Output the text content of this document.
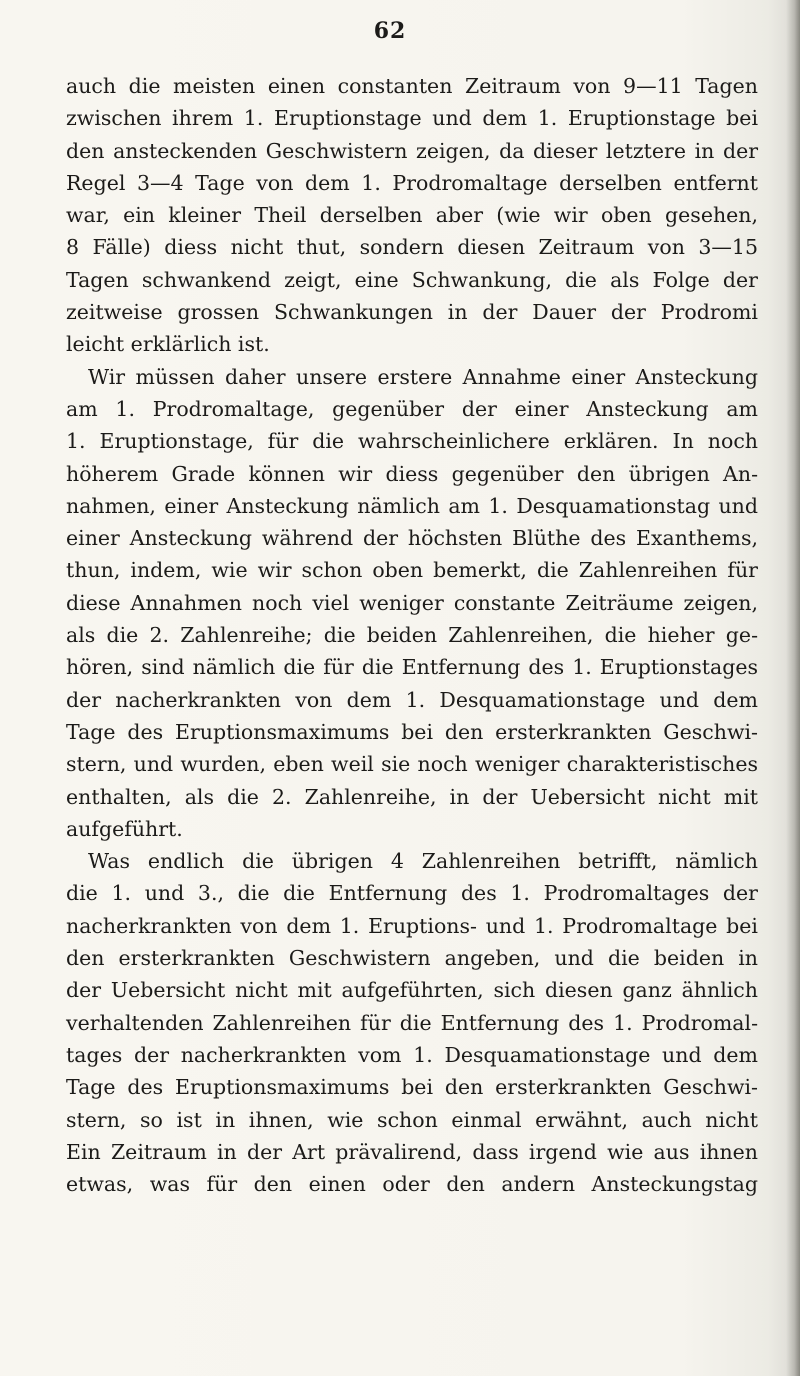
62
auch die meisten einen constanten Zeitraum von 9—11 Tagen
zwischen ihrem 1. Eruptionstage und dem 1. Eruptionstage bei
den ansteckenden Geschwistern zeigen, da dieser letztere in der
Regel 3—4 Tage von dem 1. Prodromaltage derselben entfernt
war, ein kleiner Theil derselben aber (wie wir oben gesehen,
8 Fälle) diess nicht thut, sondern diesen Zeitraum von 3—15
Tagen schwankend zeigt, eine Schwankung, die als Folge der
zeitweise grossen Schwankungen in der Dauer der Prodromi
leicht erklärlich ist.
Wir müssen daher unsere erstere Annahme einer Ansteckung
am 1. Prodromaltage, gegenüber der einer Ansteckung am
1. Eruptionstage, für die wahrscheinlichere erklären. In noch
höherem Grade können wir diess gegenüber den übrigen An-
nahmen, einer Ansteckung nämlich am 1. Desquamationstag und
einer Ansteckung während der höchsten Blüthe des Exanthems,
thun, indem, wie wir schon oben bemerkt, die Zahlenreihen für
diese Annahmen noch viel weniger constante Zeiträume zeigen,
als die 2. Zahlenreihe; die beiden Zahlenreihen, die hieher ge-
hören, sind nämlich die für die Entfernung des 1. Eruptionstages
der nacherkrankten von dem 1. Desquamationstage und dem
Tage des Eruptionsmaximums bei den ersterkrankten Geschwi-
stern, und wurden, eben weil sie noch weniger charakteristisches
enthalten, als die 2. Zahlenreihe, in der Uebersicht nicht mit
aufgeführt.
Was endlich die übrigen 4 Zahlenreihen betrifft, nämlich
die 1. und 3., die die Entfernung des 1. Prodromaltages der
nacherkrankten von dem 1. Eruptions- und 1. Prodromaltage bei
den ersterkrankten Geschwistern angeben, und die beiden in
der Uebersicht nicht mit aufgeführten, sich diesen ganz ähnlich
verhaltenden Zahlenreihen für die Entfernung des 1. Prodromal-
tages der nacherkrankten vom 1. Desquamationstage und dem
Tage des Eruptionsmaximums bei den ersterkrankten Geschwi-
stern, so ist in ihnen, wie schon einmal erwähnt, auch nicht
Ein Zeitraum in der Art prävalirend, dass irgend wie aus ihnen
etwas, was für den einen oder den andern Ansteckungstag
